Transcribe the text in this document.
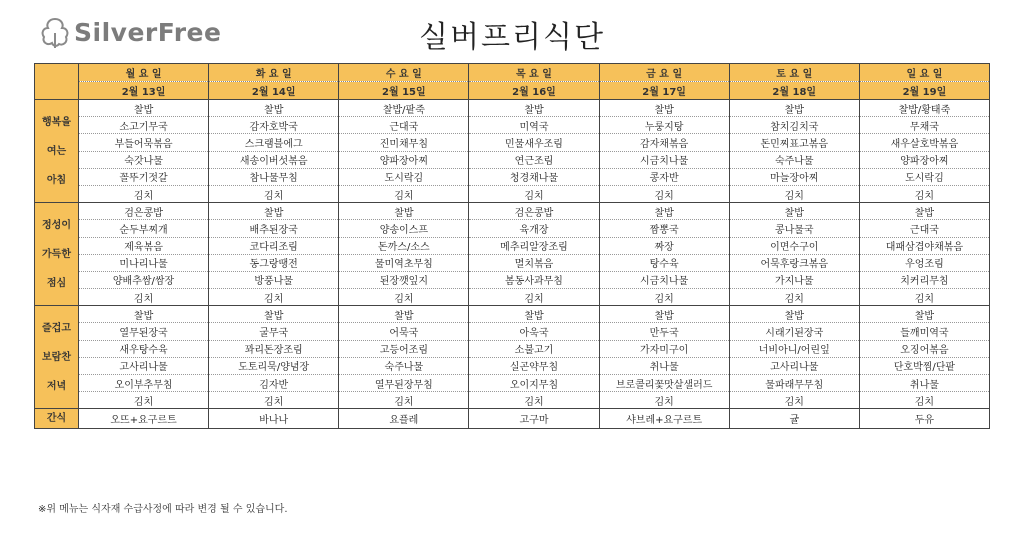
SilverFree	실버프리식단
	월 요 일	화 요 일	수 요 일	목 요 일	금 요 일	토 요 일	일 요 일
	2월 13일	2월 14일	2월 15일	2월 16일	2월 17일	2월 18일	2월 19일

행복을
여는
아침	찰밥	찰밥	찰밥/팥죽	찰밥	찰밥	찰밥	찰밥/황태죽
	소고기무국	감자호박국	근대국	미역국	누룽지탕	참치김치국	무채국
	부들어묵볶음	스크램블에그	진미채무침	민물새우조림	감자채볶음	돈민찌표고볶음	새우살호박볶음
	숙갓나물	새송이버섯볶음	양파장아찌	연근조림	시금치나물	숙주나물	양파장아찌
	꼴뚜기젓갈	참나물무침	도시락김	청경채나물	콩자반	마늘장아찌	도시락김
	김치	김치	김치	김치	김치	김치	김치

정성이
가득한
점심	검은콩밥	찰밥	찰밥	검은콩밥	찰밥	찰밥	찰밥
	순두부찌개	배추된장국	양송이스프	육개장	짬뽕국	콩나물국	근대국
	제육볶음	코다리조림	돈까스/소스	메추리알장조림	짜장	이면수구이	대패삼겹야채볶음
	미나리나물	동그랑땡전	물미역초무침	멸치볶음	탕수육	어묵후랑크볶음	우엉조림
	양배추쌈/쌈장	방풍나물	된장깻잎지	봄동사과무침	시금치나물	가지나물	치커리무침
	김치	김치	김치	김치	김치	김치	김치

즐겁고
보람찬
저녁	찰밥	찰밥	찰밥	찰밥	찰밥	찰밥	찰밥
	열무된장국	굴무국	어묵국	아욱국	만두국	시래기된장국	들깨미역국
	새우탕수육	꽈리돈장조림	고등어조림	소불고기	가자미구이	너비아니/어린잎	오징어볶음
	고사리나물	도토리묵/양념장	숙주나물	실곤약무침	취나물	고사리나물	단호박찜/단팥
	오이부추무침	김자반	열무된장무침	오이지무침	브로콜리꽃맛살샐러드	물파래무무침	취나물
	김치	김치	김치	김치	김치	김치	김치
간식	오뜨+요구르트	바나나	요플레	고구마	샤브레+요구르트	귤	두유
※위 메뉴는 식자재 수급사정에 따라 변경 될 수 있습니다.
